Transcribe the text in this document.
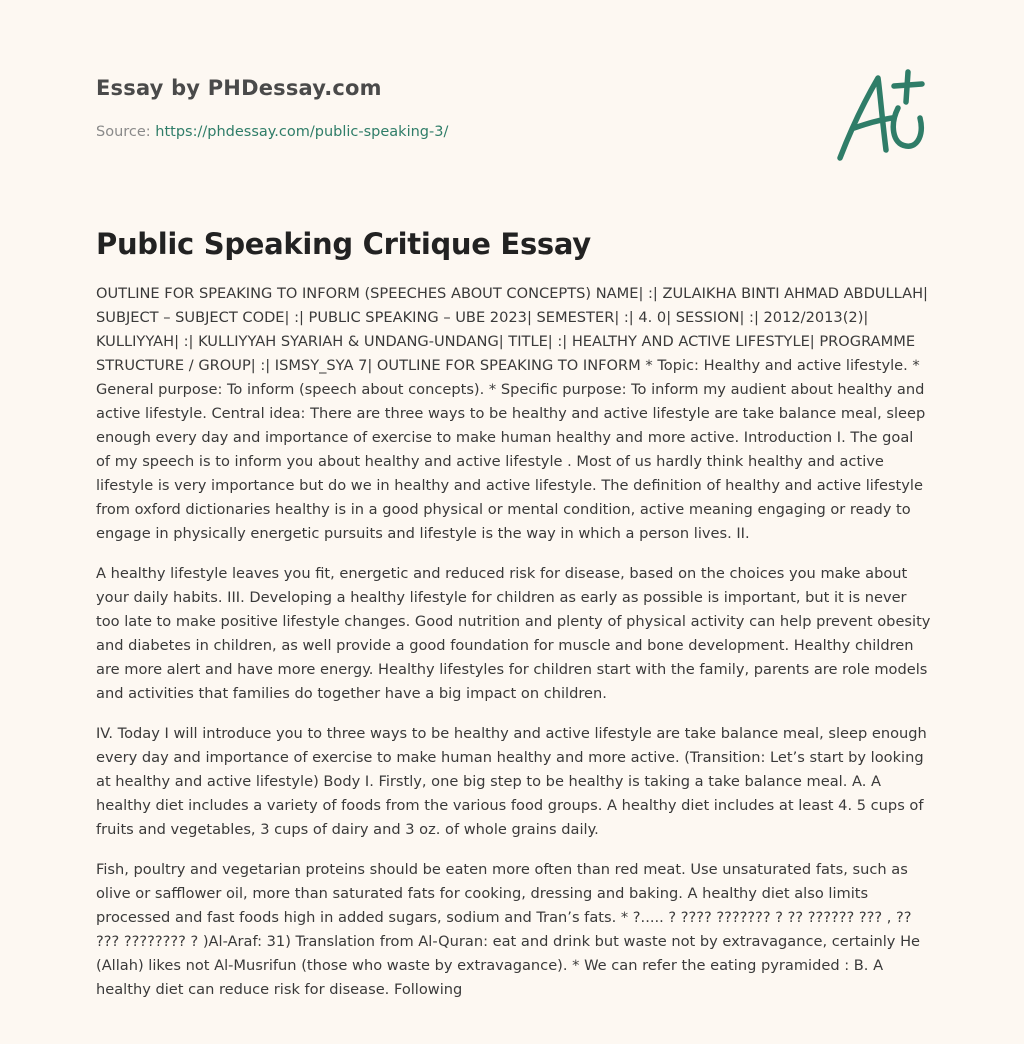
Essay by PHDessay.com
Source: https://phdessay.com/public-speaking-3/
Public Speaking Critique Essay

OUTLINE FOR SPEAKING TO INFORM (SPEECHES ABOUT CONCEPTS) NAME| :| ZULAIKHA BINTI AHMAD ABDULLAH| SUBJECT – SUBJECT CODE| :| PUBLIC SPEAKING – UBE 2023| SEMESTER| :| 4. 0| SESSION| :| 2012/2013(2)| KULLIYYAH| :| KULLIYYAH SYARIAH & UNDANG-UNDANG| TITLE| :| HEALTHY AND ACTIVE LIFESTYLE| PROGRAMME STRUCTURE / GROUP| :| ISMSY_SYA 7| OUTLINE FOR SPEAKING TO INFORM * Topic: Healthy and active lifestyle. * General purpose: To inform (speech about concepts). * Specific purpose: To inform my audient about healthy and active lifestyle. Central idea: There are three ways to be healthy and active lifestyle are take balance meal, sleep enough every day and importance of exercise to make human healthy and more active. Introduction I. The goal of my speech is to inform you about healthy and active lifestyle . Most of us hardly think healthy and active lifestyle is very importance but do we in healthy and active lifestyle. The definition of healthy and active lifestyle from oxford dictionaries healthy is in a good physical or mental condition, active meaning engaging or ready to engage in physically energetic pursuits and lifestyle is the way in which a person lives. II.

A healthy lifestyle leaves you fit, energetic and reduced risk for disease, based on the choices you make about your daily habits. III. Developing a healthy lifestyle for children as early as possible is important, but it is never too late to make positive lifestyle changes. Good nutrition and plenty of physical activity can help prevent obesity and diabetes in children, as well provide a good foundation for muscle and bone development. Healthy children are more alert and have more energy. Healthy lifestyles for children start with the family, parents are role models and activities that families do together have a big impact on children.

IV. Today I will introduce you to three ways to be healthy and active lifestyle are take balance meal, sleep enough every day and importance of exercise to make human healthy and more active. (Transition: Let’s start by looking at healthy and active lifestyle) Body I. Firstly, one big step to be healthy is taking a take balance meal. A. A healthy diet includes a variety of foods from the various food groups. A healthy diet includes at least 4. 5 cups of fruits and vegetables, 3 cups of dairy and 3 oz. of whole grains daily.

Fish, poultry and vegetarian proteins should be eaten more often than red meat. Use unsaturated fats, such as olive or safflower oil, more than saturated fats for cooking, dressing and baking. A healthy diet also limits processed and fast foods high in added sugars, sodium and Tran’s fats. * ?..... ? ???? ??????? ? ?? ?????? ??? , ?? ??? ???????? ? )Al-Araf: 31) Translation from Al-Quran: eat and drink but waste not by extravagance, certainly He (Allah) likes not Al-Musrifun (those who waste by extravagance). * We can refer the eating pyramided : B. A healthy diet can reduce risk for disease. Following
